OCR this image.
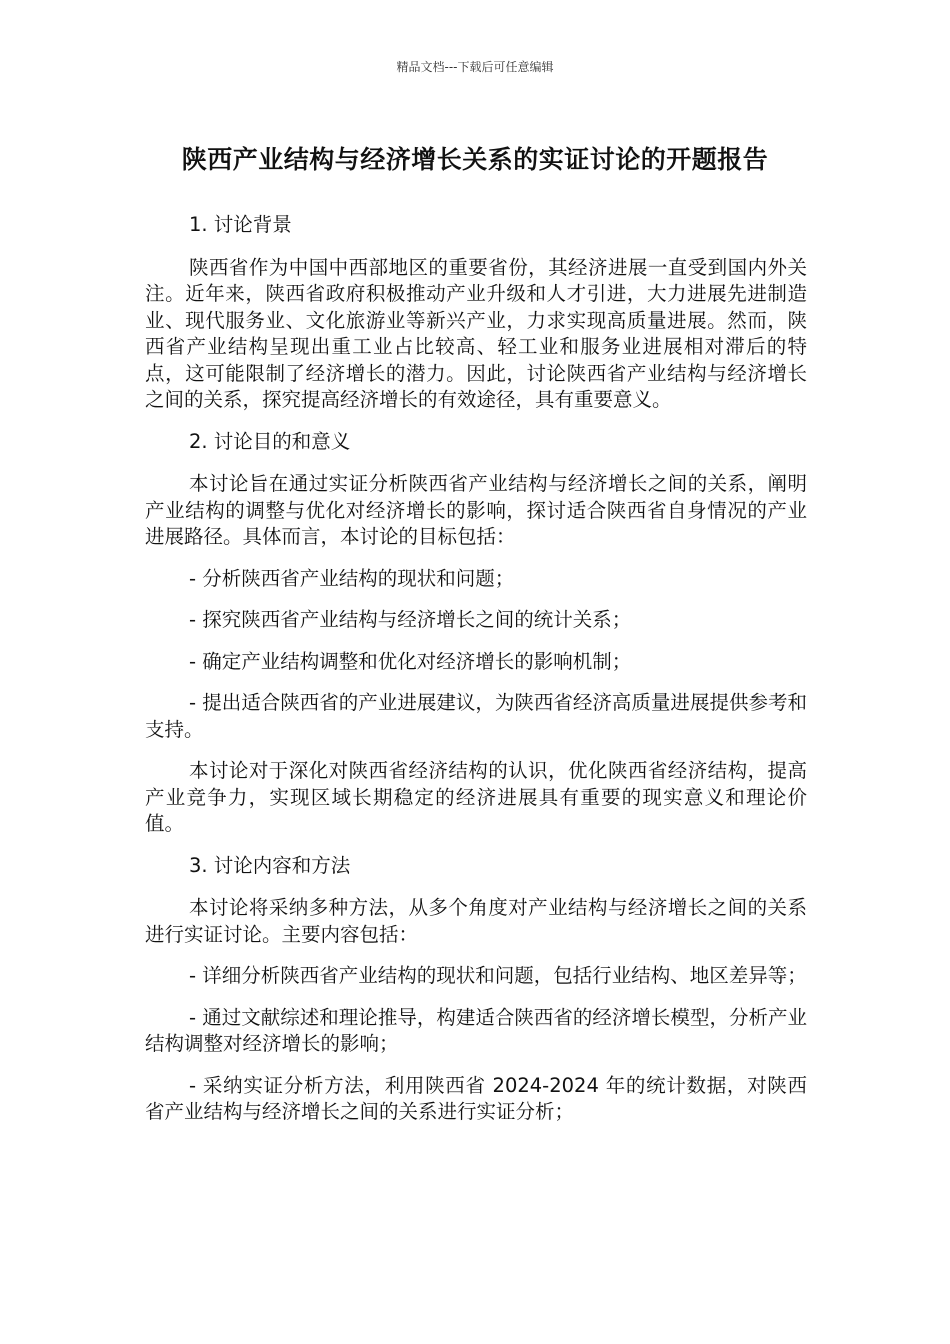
精品文档---下载后可任意编辑
陕西产业结构与经济增长关系的实证讨论的开题报告

1. 讨论背景

陕西省作为中国中西部地区的重要省份，其经济进展一直受到国内外关注。近年来，陕西省政府积极推动产业升级和人才引进，大力进展先进制造业、现代服务业、文化旅游业等新兴产业，力求实现高质量进展。然而，陕西省产业结构呈现出重工业占比较高、轻工业和服务业进展相对滞后的特点，这可能限制了经济增长的潜力。因此，讨论陕西省产业结构与经济增长之间的关系，探究提高经济增长的有效途径，具有重要意义。

2. 讨论目的和意义

本讨论旨在通过实证分析陕西省产业结构与经济增长之间的关系，阐明产业结构的调整与优化对经济增长的影响，探讨适合陕西省自身情况的产业进展路径。具体而言，本讨论的目标包括：

- 分析陕西省产业结构的现状和问题；

- 探究陕西省产业结构与经济增长之间的统计关系；

- 确定产业结构调整和优化对经济增长的影响机制；

- 提出适合陕西省的产业进展建议，为陕西省经济高质量进展提供参考和支持。

本讨论对于深化对陕西省经济结构的认识，优化陕西省经济结构，提高产业竞争力，实现区域长期稳定的经济进展具有重要的现实意义和理论价值。

3. 讨论内容和方法

本讨论将采纳多种方法，从多个角度对产业结构与经济增长之间的关系进行实证讨论。主要内容包括：

- 详细分析陕西省产业结构的现状和问题，包括行业结构、地区差异等；

- 通过文献综述和理论推导，构建适合陕西省的经济增长模型，分析产业结构调整对经济增长的影响；

- 采纳实证分析方法，利用陕西省 2024-2024 年的统计数据，对陕西省产业结构与经济增长之间的关系进行实证分析；
